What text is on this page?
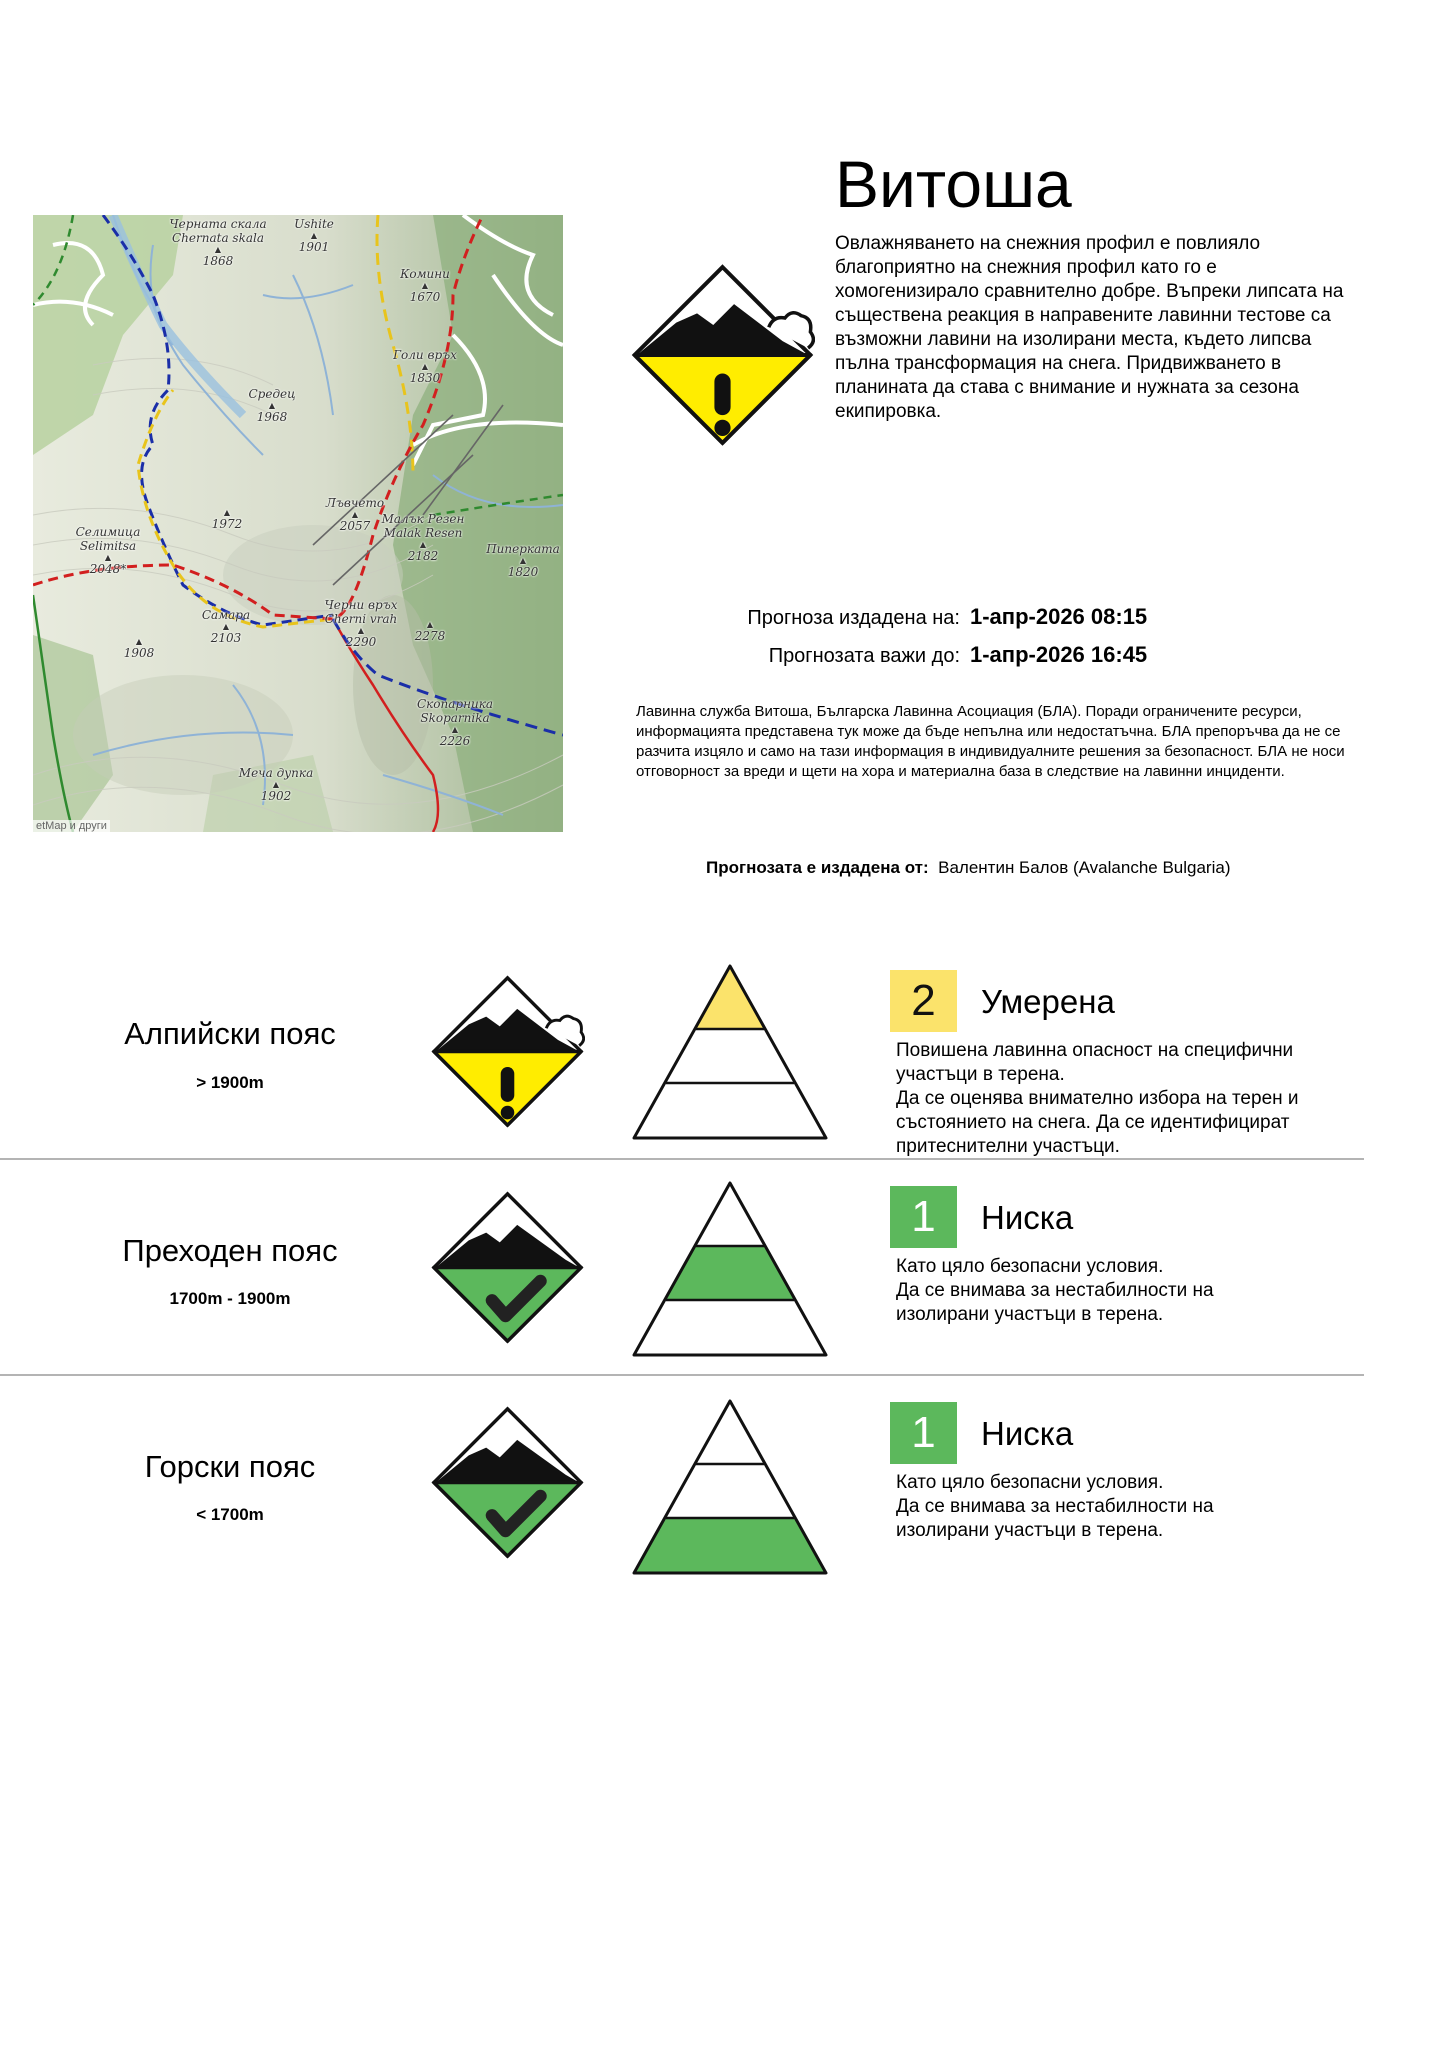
Черната скала
Chernata skala
▲
1868
Ushite
▲
1901
Комини
▲
1670
Голи връх
▲
1830
Средец
▲
1968
▲
1972
Лъвчето
▲
2057 Малък Резен
Malak Resen
▲
2182
Селимица
Selimitsa
▲
2048*
Пиперката
▲
1820
Самара
▲
2103
Черни връх
Cherni vrah
▲
2290
▲
2278
▲
1908
Скопарника
Skoparnika
▲
2226
Меча дупка
▲
1902
etMap и други
Витоша
Овлажняването на снежния профил е повлияло благоприятно на снежния профил като го е хомогенизирало сравнително добре. Въпреки липсата на съществена реакция в направените лавинни тестове са възможни лавини на изолирани места, където липсва пълна трансформация на снега. Придвижването в планината да става с внимание и нужната за сезона екипировка.
Прогноза издадена на: 1-апр-2026 08:15
Прогнозата важи до: 1-апр-2026 16:45
Лавинна служба Витоша, Българска Лавинна Асоциация (БЛА). Поради ограничените ресурси, информацията представена тук може да бъде непълна или недостатъчна. БЛА препоръчва да не се разчита изцяло и само на тази информация в индивидуалните решения за безопасност. БЛА не носи отговорност за вреди и щети на хора и материална база в следствие на лавинни инциденти.
Прогнозата е издадена от: Валентин Балов (Avalanche Bulgaria)
Алпийски пояс
> 1900m
2	Умерена
Повишена лавинна опасност на специфични
участъци в терена.
Да се оценява внимателно избора на терен и
състоянието на снега. Да се идентифицират
притеснителни участъци.
Преходен пояс
1700m - 1900m
1	Ниска
Като цяло безопасни условия.
Да се внимава за нестабилности на
изолирани участъци в терена.
Горски пояс
< 1700m
1	Ниска
Като цяло безопасни условия.
Да се внимава за нестабилности на
изолирани участъци в терена.
